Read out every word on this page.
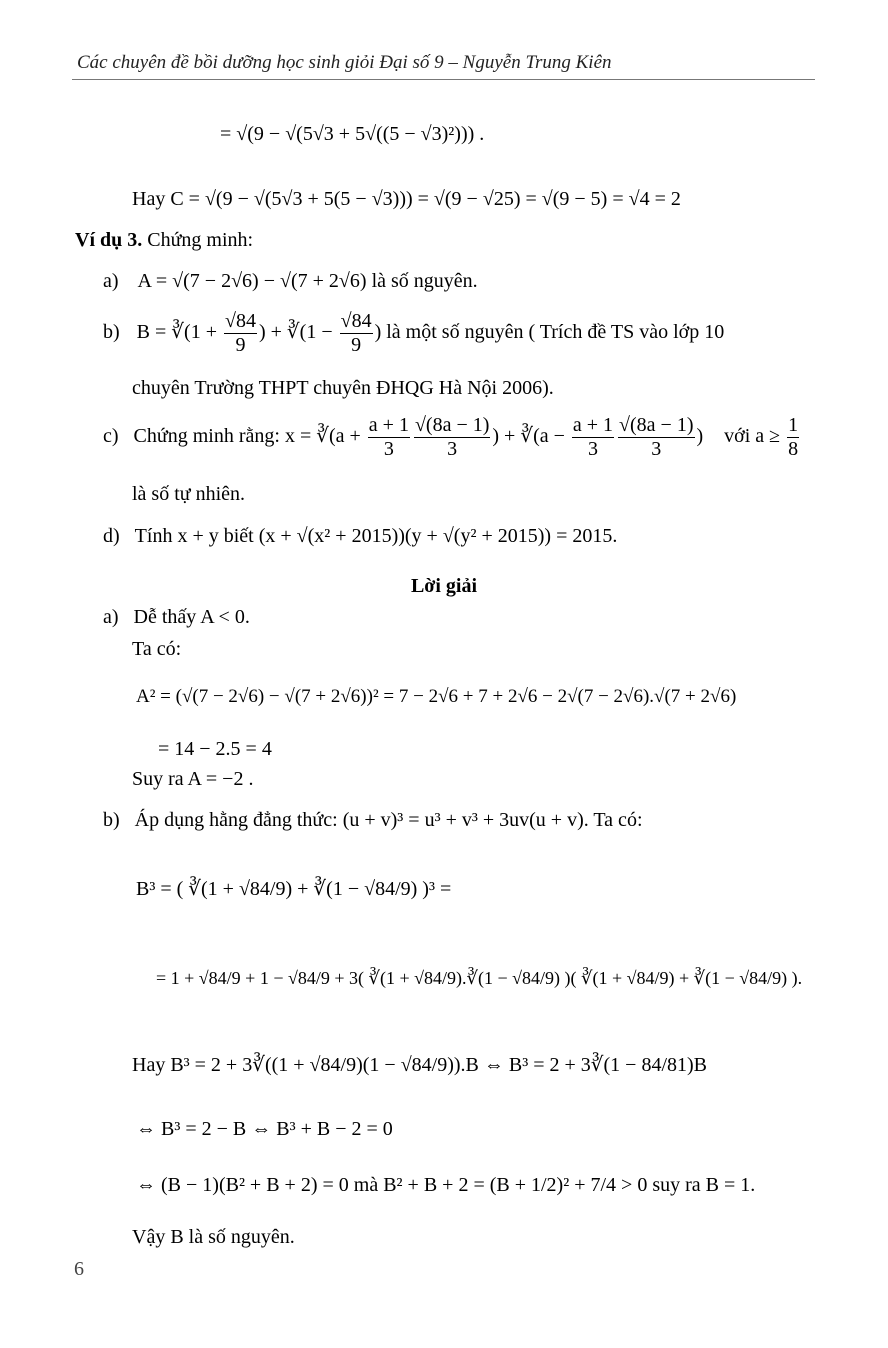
Các chuyên đề bồi dưỡng học sinh giỏi Đại số 9 – Nguyễn Trung Kiên
= √(9 − √(5√3 + 5√((5 − √3)²))) .
Hay C = √(9 − √(5√3 + 5(5 − √3))) = √(9 − √25) = √(9 − 5) = √4 = 2
Ví dụ 3. Chứng minh:
a) A = √(7 − 2√6) − √(7 + 2√6) là số nguyên.
b) B = ∛(1 + $\frac{√84}{9}$ ) + ∛(1 − $\frac{√84}{9}$ ) là một số nguyên ( Trích đề TS vào lớp 10
chuyên Trường THPT chuyên ĐHQG Hà Nội 2006).
c) Chứng minh rằng: x = ∛(a + $\frac{a + 1}{3} \frac{√(8a - 1)}{3}$ ) + ∛(a − $\frac{a + 1}{3} \frac{√(8a - 1)}{3}$ ) với $a \ge \frac{1}{8}$
là số tự nhiên.
d) Tính x + y biết (x + √(x² + 2015))(y + √(y² + 2015)) = 2015.
Lời giải
a) Dễ thấy A < 0.
Ta có:
A² = (√(7 − 2√6) − √(7 + 2√6))² = 7 − 2√6 + 7 + 2√6 − 2√(7 − 2√6).√(7 + 2√6)
= 14 − 2.5 = 4
Suy ra A = −2 .
b) Áp dụng hằng đẳng thức: (u + v)³ = u³ + v³ + 3uv(u + v). Ta có:
B³ = ( ∛(1 + √84/9) + ∛(1 − √84/9) )³ =
= 1 + √84/9 + 1 − √84/9 + 3( ∛(1 + √84/9).∛(1 − √84/9) )( ∛(1 + √84/9) + ∛(1 − √84/9) ).
Hay B³ = 2 + 3∛((1 + √84/9)(1 − √84/9)).B ⇔ B³ = 2 + 3∛(1 − 84/81)B
⇔ B³ = 2 − B ⇔ B³ + B − 2 = 0
⇔ (B − 1)(B² + B + 2) = 0 mà B² + B + 2 = (B + 1/2)² + 7/4 > 0 suy ra B = 1.
Vậy B là số nguyên.
6
